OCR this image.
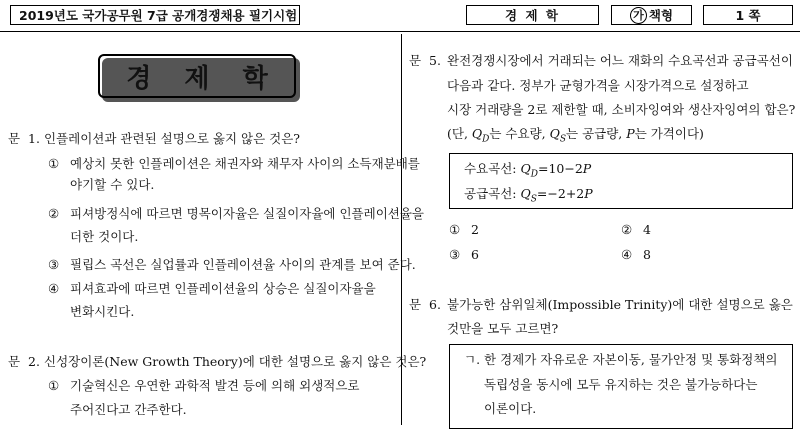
2019년도 국가공무원 7급 공개경쟁채용 필기시험	경 제 학	가 책형	1 쪽
경 제 학
문 1. 인플레이션과 관련된 설명으로 옳지 않은 것은?
① 예상치 못한 인플레이션은 채권자와 채무자 사이의 소득재분배를
야기할 수 있다.
② 피셔방정식에 따르면 명목이자율은 실질이자율에 인플레이션율을
더한 것이다.
③ 필립스 곡선은 실업률과 인플레이션율 사이의 관계를 보여 준다.
④ 피셔효과에 따르면 인플레이션율의 상승은 실질이자율을
변화시킨다.
문 2. 신성장이론(New Growth Theory)에 대한 설명으로 옳지 않은 것은?
① 기술혁신은 우연한 과학적 발견 등에 의해 외생적으로
주어진다고 간주한다.
문 5. 완전경쟁시장에서 거래되는 어느 재화의 수요곡선과 공급곡선이
다음과 같다. 정부가 균형가격을 시장가격으로 설정하고
시장 거래량을 2로 제한할 때, 소비자잉여와 생산자잉여의 합은?
(단, $Q_D$는 수요량, $Q_S$는 공급량, P는 가격이다)
수요곡선: $Q_D=10-2P$
공급곡선: $Q_S=-2+2P$
① 2	② 4
③ 6	④ 8
문 6. 불가능한 삼위일체(Impossible Trinity)에 대한 설명으로 옳은
것만을 모두 고르면?
ㄱ. 한 경제가 자유로운 자본이동, 물가안정 및 통화정책의
독립성을 동시에 모두 유지하는 것은 불가능하다는
이론이다.
